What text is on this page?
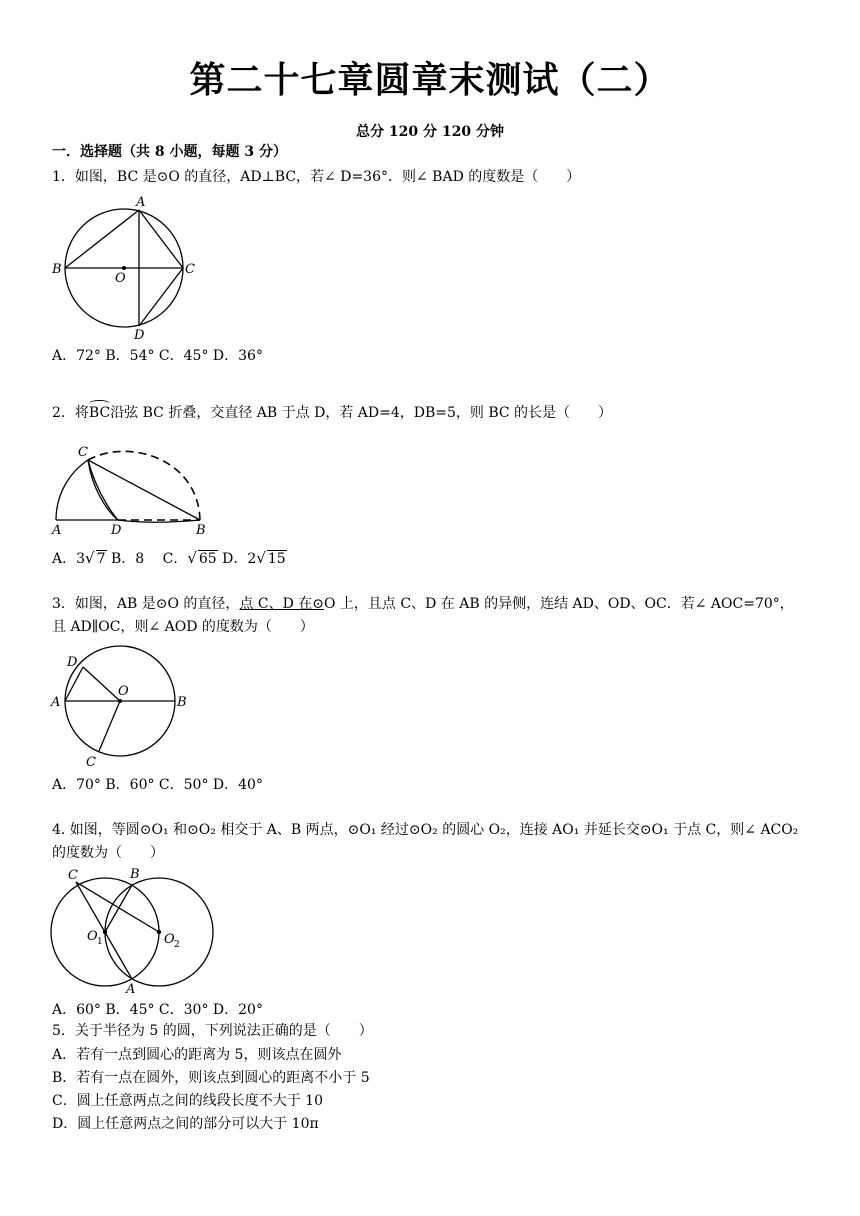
第二十七章圆章末测试（二）
总分 120 分 120 分钟
一．选择题（共 8 小题，每题 3 分）
1．如图，BC 是⊙O 的直径，AD⊥BC，若∠ D=36°．则∠ BAD 的度数是（　　）
A
B	C
D
O
A．72° B．54° C．45° D．36°
2．将BC沿弦 BC 折叠，交直径 AB 于点 D，若 AD=4，DB=5，则 BC 的长是（　　）
C
A	D	B
A．3√ 7 B．8　 C．√ 65 D．2√ 15
3．如图，AB 是⊙O 的直径，点 C、D 在⊙O 上，且点 C、D 在 AB 的异侧，连结 AD、OD、OC．若∠ AOC=70°，
且 AD∥OC，则∠ AOD 的度数为（　　）
D
A
O
B
C
A．70° B．60° C．50° D．40°
4. 如图，等圆⊙O₁ 和⊙O₂ 相交于 A、B 两点，⊙O₁ 经过⊙O₂ 的圆心 O₂，连接 AO₁ 并延长交⊙O₁ 于点 C，则∠ ACO₂
的度数为（　　）
C	B
O 1	O 2
A
A．60° B．45° C．30° D．20°
5．关于半径为 5 的圆，下列说法正确的是（　　）
A．若有一点到圆心的距离为 5，则该点在圆外
B．若有一点在圆外，则该点到圆心的距离不小于 5
C．圆上任意两点之间的线段长度不大于 10
D．圆上任意两点之间的部分可以大于 10π
